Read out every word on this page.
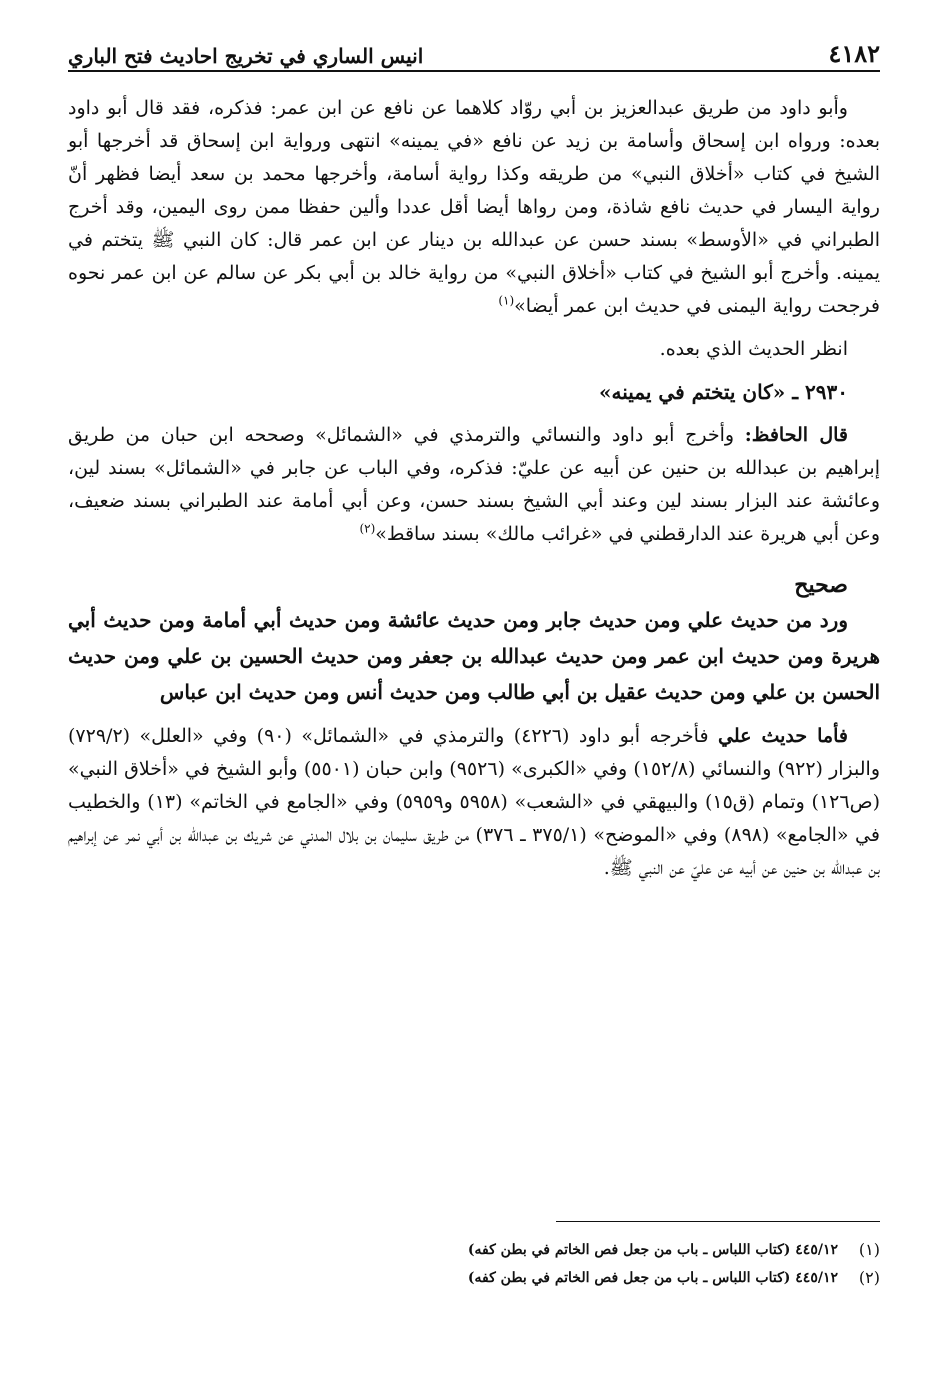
٤١٨٢
انيس الساري في تخريج احاديث فتح الباري

وأبو داود من طريق عبدالعزيز بن أبي روّاد كلاهما عن نافع عن ابن عمر: فذكره، فقد قال أبو داود بعده: ورواه ابن إسحاق وأسامة بن زيد عن نافع «في يمينه» انتهى ورواية ابن إسحاق قد أخرجها أبو الشيخ في كتاب «أخلاق النبي» من طريقه وكذا رواية أسامة، وأخرجها محمد بن سعد أيضا فظهر أنّ رواية اليسار في حديث نافع شاذة، ومن رواها أيضا أقل عددا وألين حفظا ممن روى اليمين، وقد أخرج الطبراني في «الأوسط» بسند حسن عن عبدالله بن دينار عن ابن عمر قال: كان النبي ﷺ يتختم في يمينه. وأخرج أبو الشيخ في كتاب «أخلاق النبي» من رواية خالد بن أبي بكر عن سالم عن ابن عمر نحوه فرجحت رواية اليمنى في حديث ابن عمر أيضا»$^{(١)}$

انظر الحديث الذي بعده.

٢٩٣٠ ـ «كان يتختم في يمينه»

قال الحافظ: وأخرج أبو داود والنسائي والترمذي في «الشمائل» وصححه ابن حبان من طريق إبراهيم بن عبدالله بن حنين عن أبيه عن عليّ: فذكره، وفي الباب عن جابر في «الشمائل» بسند لين، وعائشة عند البزار بسند لين وعند أبي الشيخ بسند حسن، وعن أبي أمامة عند الطبراني بسند ضعيف، وعن أبي هريرة عند الدارقطني في «غرائب مالك» بسند ساقط»$^{(٢)}$

صحيح

ورد من حديث علي ومن حديث جابر ومن حديث عائشة ومن حديث أبي أمامة ومن حديث أبي هريرة ومن حديث ابن عمر ومن حديث عبدالله بن جعفر ومن حديث الحسين بن علي ومن حديث الحسن بن علي ومن حديث عقيل بن أبي طالب ومن حديث أنس ومن حديث ابن عباس

فأما حديث علي فأخرجه أبو داود (٤٢٢٦) والترمذي في «الشمائل» (٩٠) وفي «العلل» (٧٢٩/٢) والبزار (٩٢٢) والنسائي (١٥٢/٨) وفي «الكبرى» (٩٥٢٦) وابن حبان (٥٥٠١) وأبو الشيخ في «أخلاق النبي» (ص١٢٦) وتمام (ق١٥) والبيهقي في «الشعب» (٥٩٥٨ و٥٩٥٩) وفي «الجامع في الخاتم» (١٣) والخطيب في «الجامع» (٨٩٨) وفي «الموضح» (٣٧٥/١ ـ ٣٧٦) من طريق سليمان بن بلال المدني عن شريك بن عبدالله بن أبي نمر عن إبراهيم بن عبدالله بن حنين عن أبيه عن عليّ عن النبي ﷺ.

(١)
٤٤٥/١٢ (كتاب اللباس ـ باب من جعل فص الخاتم في بطن كفه)
(٢)
٤٤٥/١٢ (كتاب اللباس ـ باب من جعل فص الخاتم في بطن كفه)
